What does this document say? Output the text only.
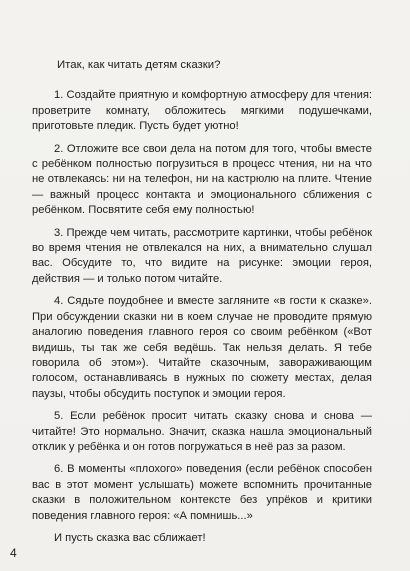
Итак, как читать детям сказки?

1. Создайте приятную и комфортную атмосферу для чтения: проветрите комнату, обложитесь мягкими подушечками, приготовьте пледик. Пусть будет уютно!

2. Отложите все свои дела на потом для того, чтобы вместе с ребёнком полностью погрузиться в процесс чтения, ни на что не отвлекаясь: ни на телефон, ни на кастрюлю на плите. Чтение — важный процесс контакта и эмоционального сближения с ребёнком. Посвятите себя ему полностью!

3. Прежде чем читать, рассмотрите картинки, чтобы ребёнок во время чтения не отвлекался на них, а внимательно слушал вас. Обсудите то, что видите на рисунке: эмоции героя, действия — и только потом читайте.

4. Сядьте поудобнее и вместе загляните «в гости к сказке». При обсуждении сказки ни в коем случае не проводите прямую аналогию поведения главного героя со своим ребёнком («Вот видишь, ты так же себя ведёшь. Так нельзя делать. Я тебе говорила об этом»). Читайте сказочным, завораживающим голосом, останавливаясь в нужных по сюжету местах, делая паузы, чтобы обсудить поступок и эмоции героя.

5. Если ребёнок просит читать сказку снова и снова — читайте! Это нормально. Значит, сказка нашла эмоциональный отклик у ребёнка и он готов погружаться в неё раз за разом.

6. В моменты «плохого» поведения (если ребёнок способен вас в этот момент услышать) можете вспомнить прочитанные сказки в положительном контексте без упрёков и критики поведения главного героя: «А помнишь...»

И пусть сказка вас сближает!

4
